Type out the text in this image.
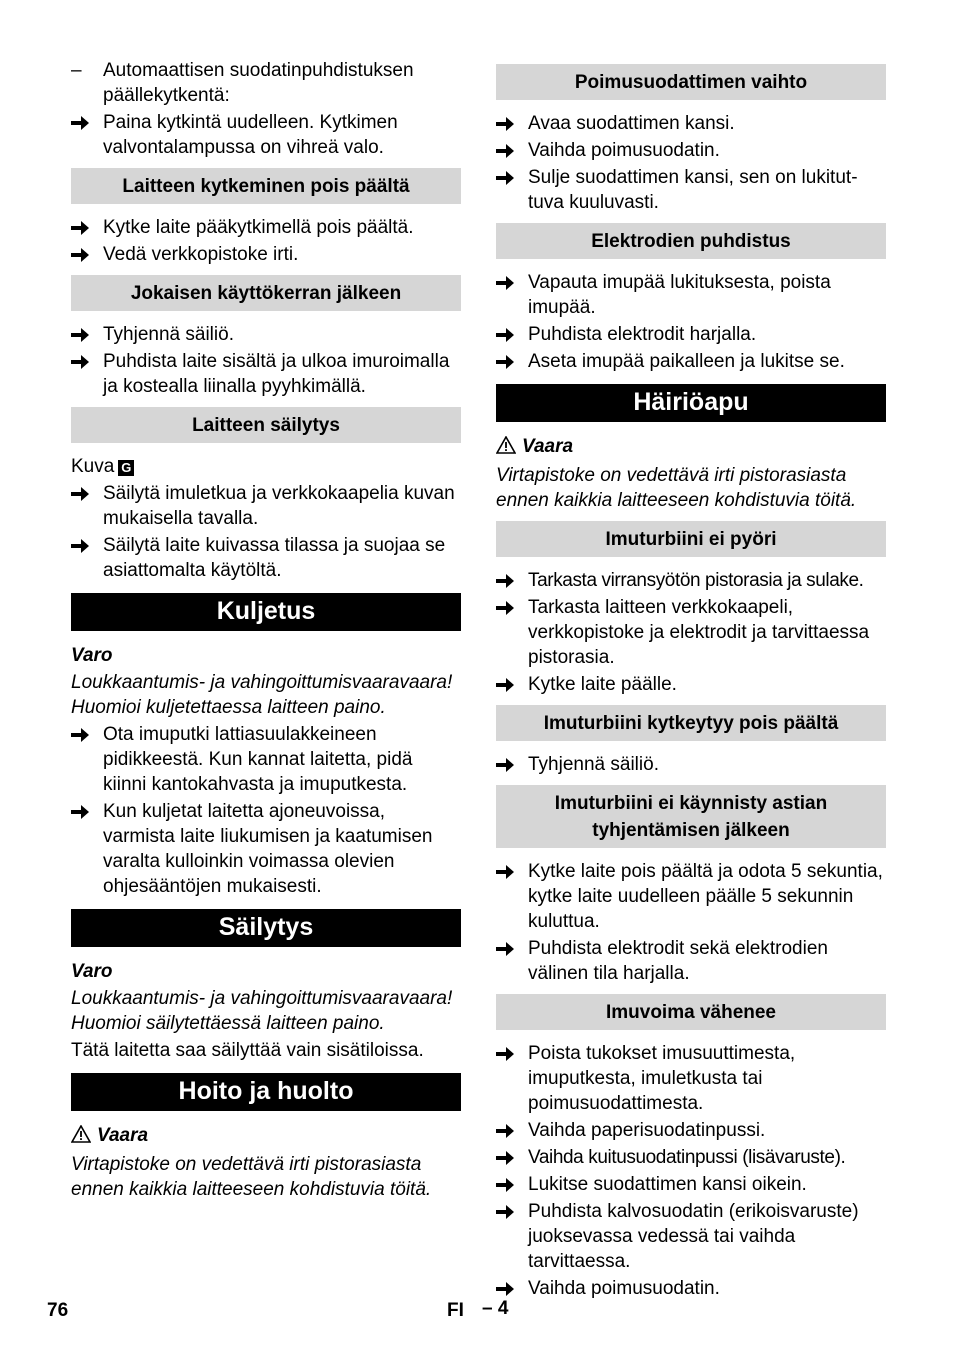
– Automaattisen suodatinpuhdistuksen päällekytkentä:
Paina kytkintä uudelleen. Kytkimen valvontalampussa on vihreä valo.
Laitteen kytkeminen pois päältä
Kytke laite pääkytkimellä pois päältä.
Vedä verkkopistoke irti.
Jokaisen käyttökerran jälkeen
Tyhjennä säiliö.
Puhdista laite sisältä ja ulkoa imuroimalla ja kostealla liinalla pyyhkimällä.
Laitteen säilytys
Kuva G
Säilytä imuletkua ja verkkokaapelia kuvan mukaisella tavalla.
Säilytä laite kuivassa tilassa ja suojaa se asiattomalta käytöltä.
Kuljetus
Varo
Loukkaantumis- ja vahingoittumisvaaravaara! Huomioi kuljetettaessa laitteen paino.
Ota imuputki lattiasuulakkeineen pidikkeestä. Kun kannat laitetta, pidä kiinni kantokahvasta ja imuputkesta.
Kun kuljetat laitetta ajoneuvoissa, varmista laite liukumisen ja kaatumisen varalta kulloinkin voimassa olevien ohjesääntöjen mukaisesti.
Säilytys
Varo
Loukkaantumis- ja vahingoittumisvaaravaara! Huomioi säilytettäessä laitteen paino.
Tätä laitetta saa säilyttää vain sisätiloissa.
Hoito ja huolto
Vaara
Virtapistoke on vedettävä irti pistorasiasta ennen kaikkia laitteeseen kohdistuvia töitä.
Poimusuodattimen vaihto
Avaa suodattimen kansi.
Vaihda poimusuodatin.
Sulje suodattimen kansi, sen on lukituttuva kuuluvasti.
Elektrodien puhdistus
Vapauta imupää lukituksesta, poista imupää.
Puhdista elektrodit harjalla.
Aseta imupää paikalleen ja lukitse se.
Häiriöapu
Vaara
Virtapistoke on vedettävä irti pistorasiasta ennen kaikkia laitteeseen kohdistuvia töitä.
Imuturbiini ei pyöri
Tarkasta virransyötön pistorasia ja sulake.
Tarkasta laitteen verkkokaapeli, verkkopistoke ja elektrodit ja tarvittaessa pistorasia.
Kytke laite päälle.
Imuturbiini kytkeytyy pois päältä
Tyhjennä säiliö.
Imuturbiini ei käynnisty astian tyhjentämisen jälkeen
Kytke laite pois päältä ja odota 5 sekuntia, kytke laite uudelleen päälle 5 sekunnin kuluttua.
Puhdista elektrodit sekä elektrodien välinen tila harjalla.
Imuvoima vähenee
Poista tukokset imusuuttimesta, imuputkesta, imuletkusta tai poimusuodattimesta.
Vaihda paperisuodatinpussi.
Vaihda kuitusuodatinpussi (lisävaruste).
Lukitse suodattimen kansi oikein.
Puhdista kalvosuodatin (erikoisvaruste) juoksevassa vedessä tai vaihda tarvittaessa.
Vaihda poimusuodatin.
76	FI – 4
